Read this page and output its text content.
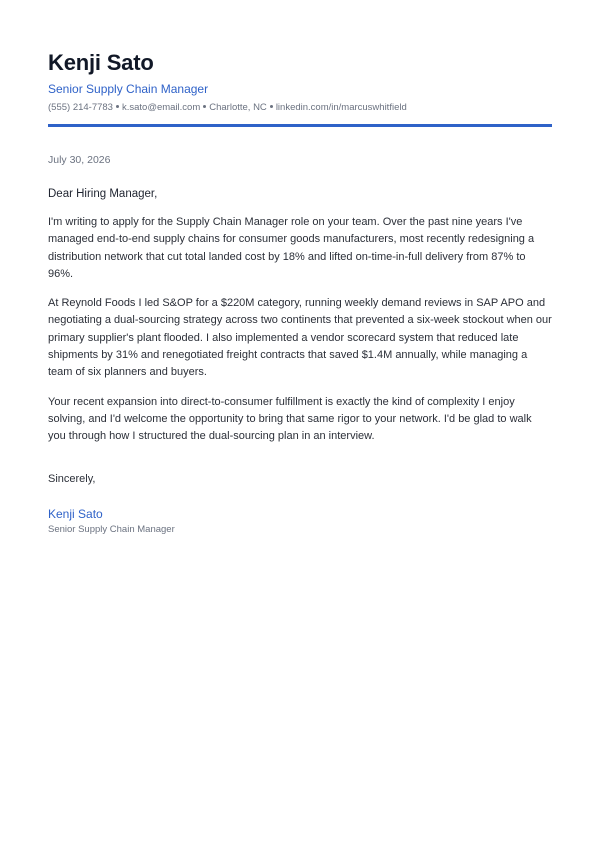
Kenji Sato
Senior Supply Chain Manager
(555) 214-7783 k.sato@email.com Charlotte, NC linkedin.com/in/marcuswhitfield
July 30, 2026
Dear Hiring Manager,

I'm writing to apply for the Supply Chain Manager role on your team. Over the past nine years I've managed end-to-end supply chains for consumer goods manufacturers, most recently redesigning a distribution network that cut total landed cost by 18% and lifted on-time-in-full delivery from 87% to 96%.

At Reynold Foods I led S&OP for a $220M category, running weekly demand reviews in SAP APO and negotiating a dual-sourcing strategy across two continents that prevented a six-week stockout when our primary supplier's plant flooded. I also implemented a vendor scorecard system that reduced late shipments by 31% and renegotiated freight contracts that saved $1.4M annually, while managing a team of six planners and buyers.

Your recent expansion into direct-to-consumer fulfillment is exactly the kind of complexity I enjoy solving, and I'd welcome the opportunity to bring that same rigor to your network. I'd be glad to walk you through how I structured the dual-sourcing plan in an interview.

Sincerely,
Kenji Sato
Senior Supply Chain Manager
